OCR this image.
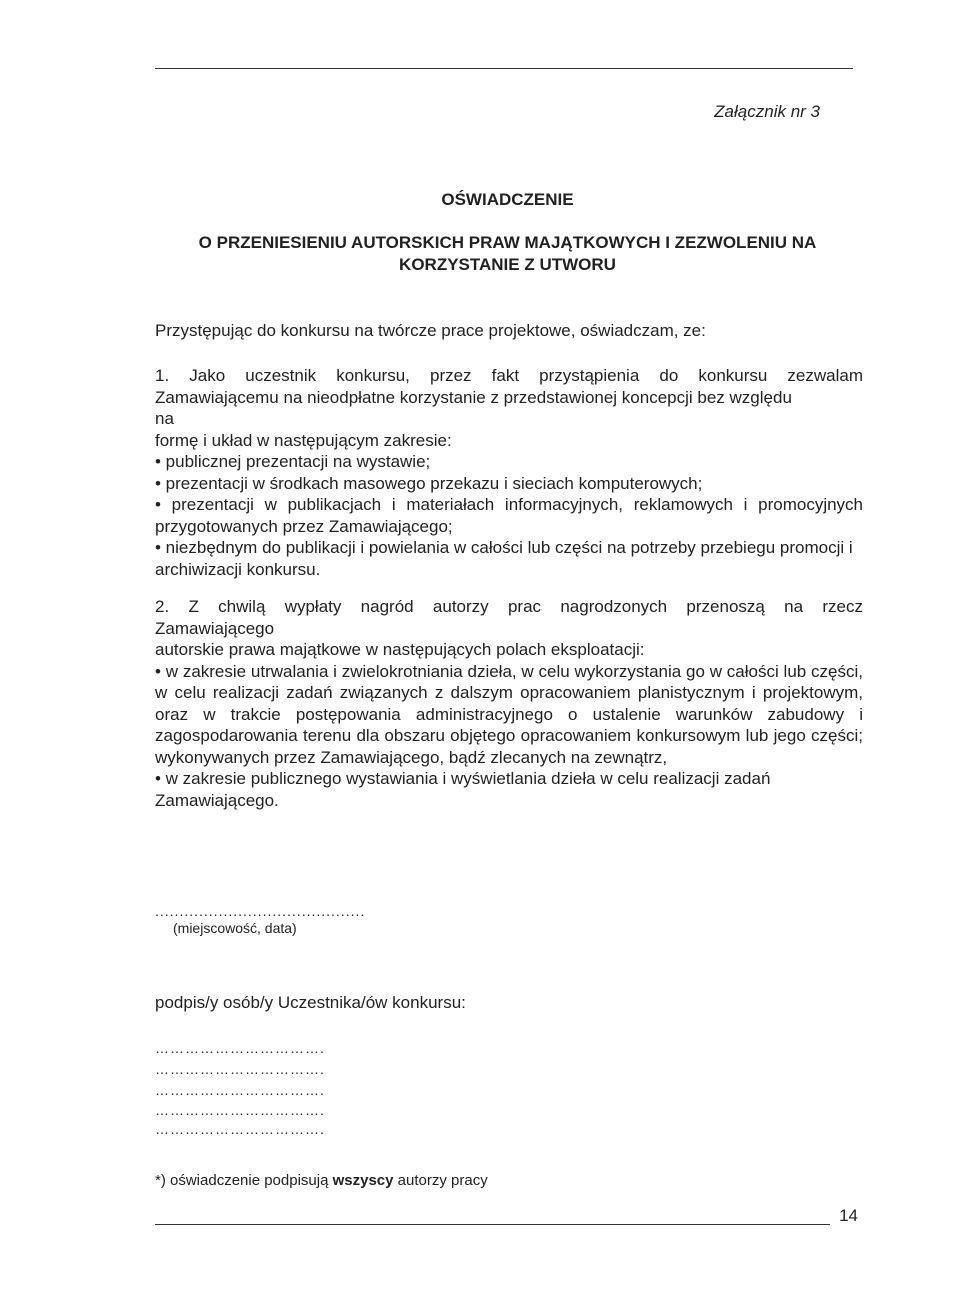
Załącznik nr 3
OŚWIADCZENIE
O PRZENIESIENIU AUTORSKICH PRAW MAJĄTKOWYCH I ZEZWOLENIU NA
KORZYSTANIE Z UTWORU
Przystępując do konkursu na twórcze prace projektowe, oświadczam, ze:
1. Jako uczestnik konkursu, przez fakt przystąpienia do konkursu zezwalam
Zamawiającemu na nieodpłatne korzystanie z przedstawionej koncepcji bez względu
na
formę i układ w następującym zakresie:
• publicznej prezentacji na wystawie;
• prezentacji w środkach masowego przekazu i sieciach komputerowych;
• prezentacji w publikacjach i materiałach informacyjnych, reklamowych i promocyjnych przygotowanych przez Zamawiającego;
• niezbędnym do publikacji i powielania w całości lub części na potrzeby przebiegu promocji i archiwizacji konkursu.
2. Z chwilą wypłaty nagród autorzy prac nagrodzonych przenoszą na rzecz
Zamawiającego
autorskie prawa majątkowe w następujących polach eksploatacji:
• w zakresie utrwalania i zwielokrotniania dzieła, w celu wykorzystania go w całości lub części, w celu realizacji zadań związanych z dalszym opracowaniem planistycznym i projektowym, oraz w trakcie postępowania administracyjnego o ustalenie warunków zabudowy i zagospodarowania terenu dla obszaru objętego opracowaniem konkursowym lub jego części; wykonywanych przez Zamawiającego, bądź zlecanych na zewnątrz,
• w zakresie publicznego wystawiania i wyświetlania dzieła w celu realizacji zadań Zamawiającego.
...........................................
(miejscowość, data)
podpis/y osób/y Uczestnika/ów konkursu:
…………………………….
…………………………….
…………………………….
…………………………….
…………………………….
*) oświadczenie podpisują wszyscy autorzy pracy
14
